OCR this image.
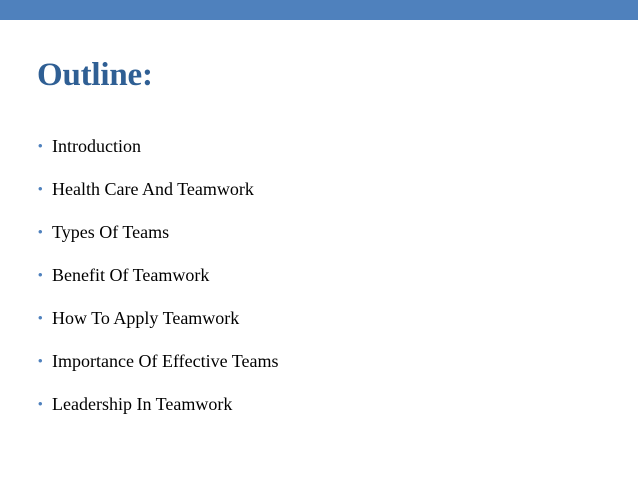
Outline:
• Introduction
• Health Care And Teamwork
• Types Of Teams
• Benefit Of Teamwork
• How To Apply Teamwork
• Importance Of Effective Teams
• Leadership In Teamwork
